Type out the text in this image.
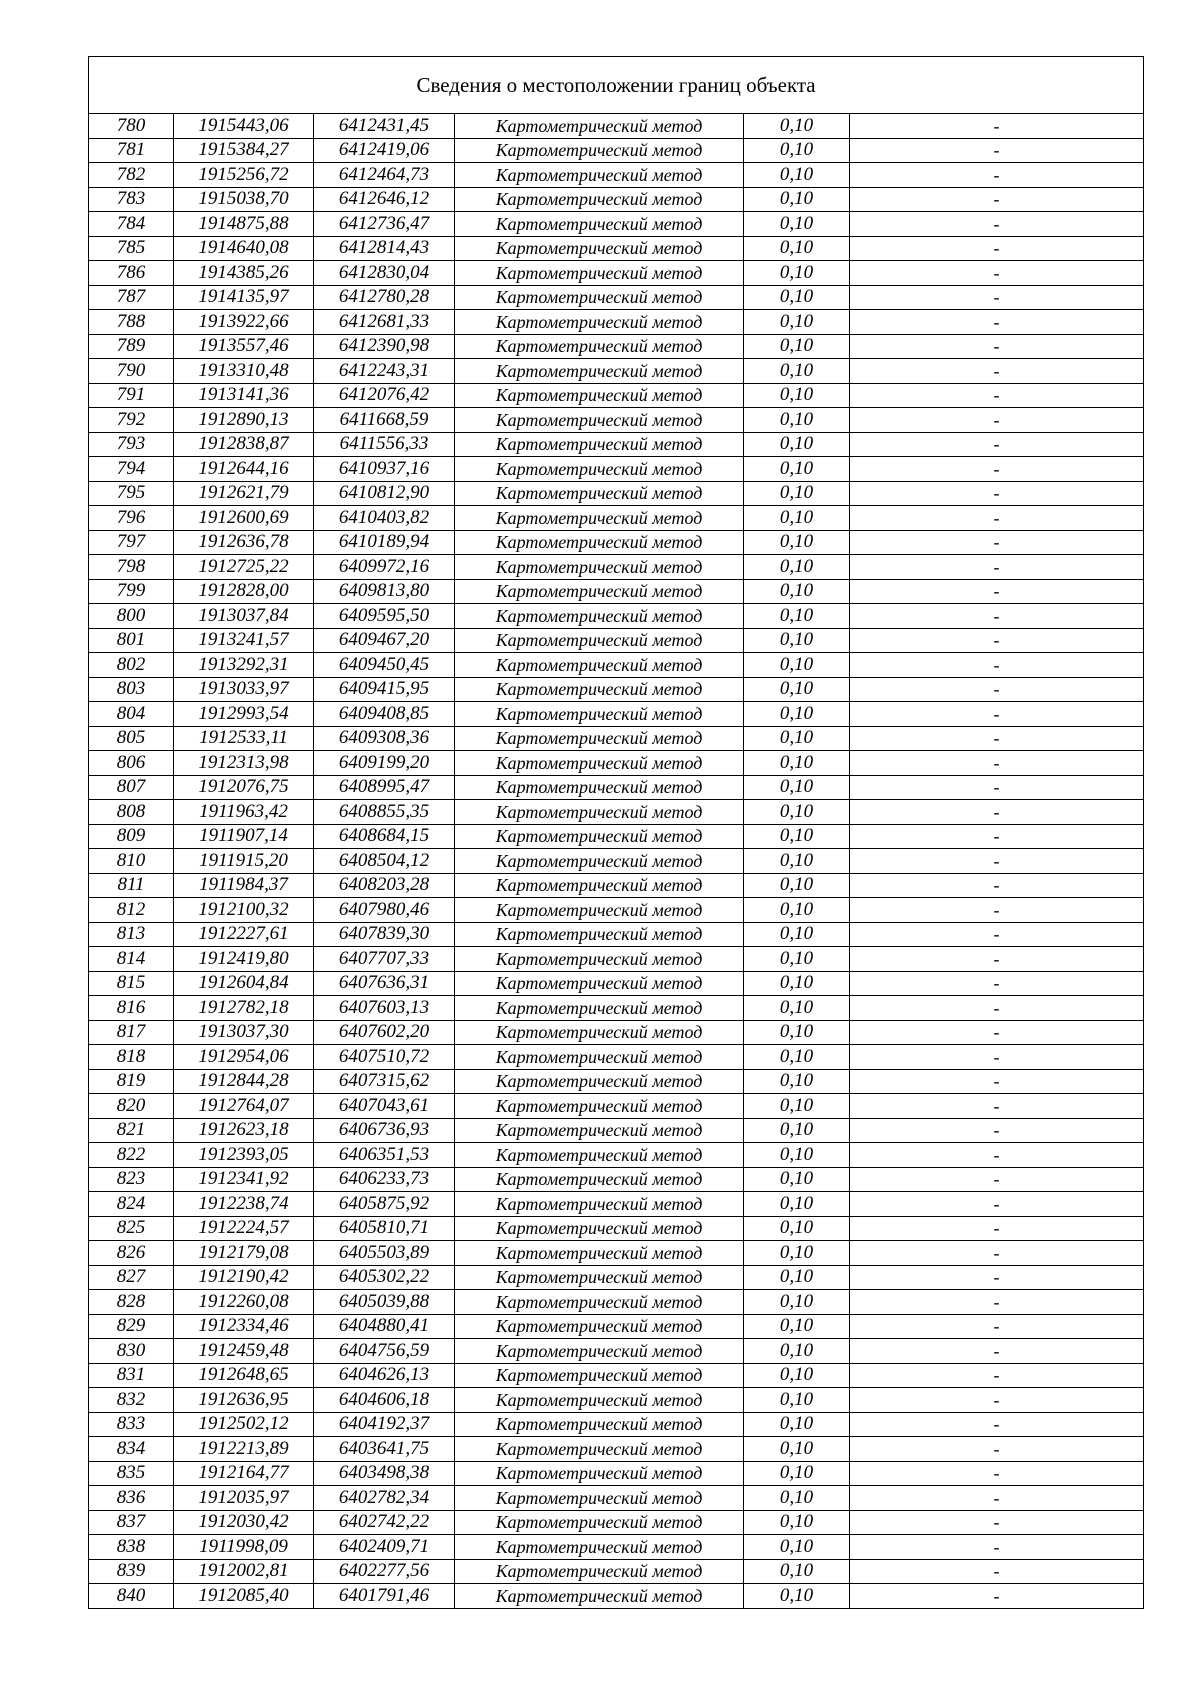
Сведения о местоположении границ объекта					
780	1915443,06	6412431,45	Картометрический метод	0,10	-
781	1915384,27	6412419,06	Картометрический метод	0,10	-
782	1915256,72	6412464,73	Картометрический метод	0,10	-
783	1915038,70	6412646,12	Картометрический метод	0,10	-
784	1914875,88	6412736,47	Картометрический метод	0,10	-
785	1914640,08	6412814,43	Картометрический метод	0,10	-
786	1914385,26	6412830,04	Картометрический метод	0,10	-
787	1914135,97	6412780,28	Картометрический метод	0,10	-
788	1913922,66	6412681,33	Картометрический метод	0,10	-
789	1913557,46	6412390,98	Картометрический метод	0,10	-
790	1913310,48	6412243,31	Картометрический метод	0,10	-
791	1913141,36	6412076,42	Картометрический метод	0,10	-
792	1912890,13	6411668,59	Картометрический метод	0,10	-
793	1912838,87	6411556,33	Картометрический метод	0,10	-
794	1912644,16	6410937,16	Картометрический метод	0,10	-
795	1912621,79	6410812,90	Картометрический метод	0,10	-
796	1912600,69	6410403,82	Картометрический метод	0,10	-
797	1912636,78	6410189,94	Картометрический метод	0,10	-
798	1912725,22	6409972,16	Картометрический метод	0,10	-
799	1912828,00	6409813,80	Картометрический метод	0,10	-
800	1913037,84	6409595,50	Картометрический метод	0,10	-
801	1913241,57	6409467,20	Картометрический метод	0,10	-
802	1913292,31	6409450,45	Картометрический метод	0,10	-
803	1913033,97	6409415,95	Картометрический метод	0,10	-
804	1912993,54	6409408,85	Картометрический метод	0,10	-
805	1912533,11	6409308,36	Картометрический метод	0,10	-
806	1912313,98	6409199,20	Картометрический метод	0,10	-
807	1912076,75	6408995,47	Картометрический метод	0,10	-
808	1911963,42	6408855,35	Картометрический метод	0,10	-
809	1911907,14	6408684,15	Картометрический метод	0,10	-
810	1911915,20	6408504,12	Картометрический метод	0,10	-
811	1911984,37	6408203,28	Картометрический метод	0,10	-
812	1912100,32	6407980,46	Картометрический метод	0,10	-
813	1912227,61	6407839,30	Картометрический метод	0,10	-
814	1912419,80	6407707,33	Картометрический метод	0,10	-
815	1912604,84	6407636,31	Картометрический метод	0,10	-
816	1912782,18	6407603,13	Картометрический метод	0,10	-
817	1913037,30	6407602,20	Картометрический метод	0,10	-
818	1912954,06	6407510,72	Картометрический метод	0,10	-
819	1912844,28	6407315,62	Картометрический метод	0,10	-
820	1912764,07	6407043,61	Картометрический метод	0,10	-
821	1912623,18	6406736,93	Картометрический метод	0,10	-
822	1912393,05	6406351,53	Картометрический метод	0,10	-
823	1912341,92	6406233,73	Картометрический метод	0,10	-
824	1912238,74	6405875,92	Картометрический метод	0,10	-
825	1912224,57	6405810,71	Картометрический метод	0,10	-
826	1912179,08	6405503,89	Картометрический метод	0,10	-
827	1912190,42	6405302,22	Картометрический метод	0,10	-
828	1912260,08	6405039,88	Картометрический метод	0,10	-
829	1912334,46	6404880,41	Картометрический метод	0,10	-
830	1912459,48	6404756,59	Картометрический метод	0,10	-
831	1912648,65	6404626,13	Картометрический метод	0,10	-
832	1912636,95	6404606,18	Картометрический метод	0,10	-
833	1912502,12	6404192,37	Картометрический метод	0,10	-
834	1912213,89	6403641,75	Картометрический метод	0,10	-
835	1912164,77	6403498,38	Картометрический метод	0,10	-
836	1912035,97	6402782,34	Картометрический метод	0,10	-
837	1912030,42	6402742,22	Картометрический метод	0,10	-
838	1911998,09	6402409,71	Картометрический метод	0,10	-
839	1912002,81	6402277,56	Картометрический метод	0,10	-
840	1912085,40	6401791,46	Картометрический метод	0,10	-
